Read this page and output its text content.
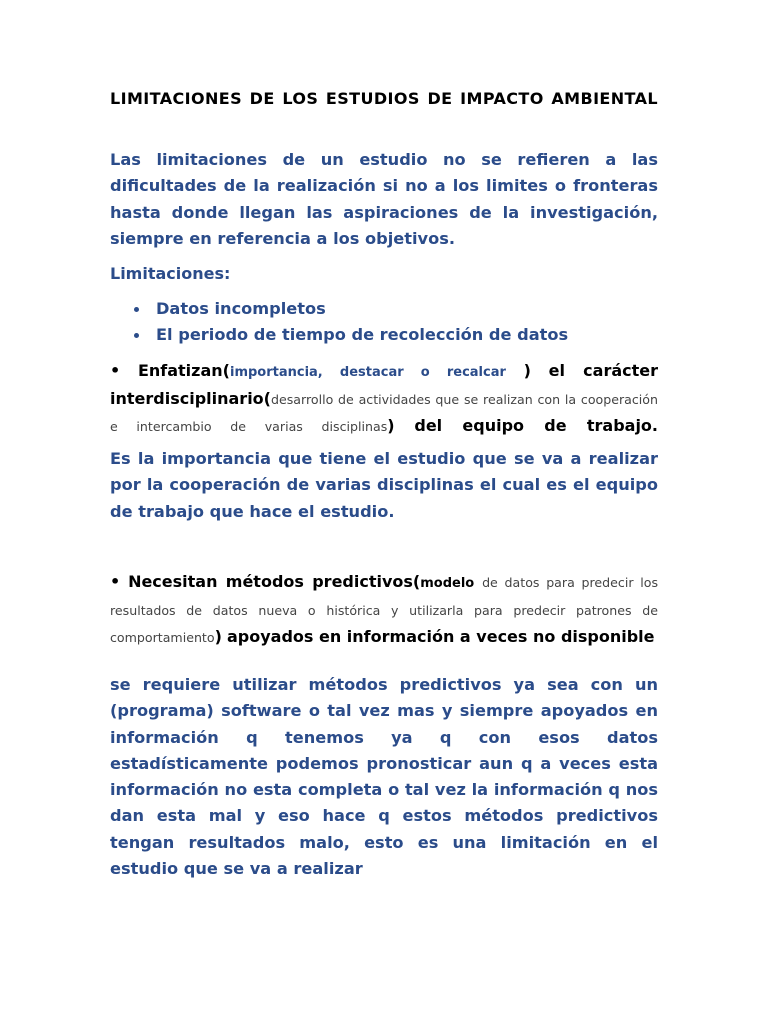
LIMITACIONES DE LOS ESTUDIOS DE IMPACTO AMBIENTAL
Las limitaciones de un estudio no se refieren a las dificultades de la realización si no a los limites o fronteras hasta donde llegan las aspiraciones de la investigación, siempre en referencia a los objetivos.
Limitaciones:
Datos incompletos
El periodo de tiempo de recolección de datos
• Enfatizan(importancia, destacar o recalcar ) el carácter interdisciplinario(desarrollo de actividades que se realizan con la cooperación e intercambio de varias disciplinas) del equipo de trabajo.
Es la importancia que tiene el estudio que se va a realizar por la cooperación de varias disciplinas el cual es el equipo de trabajo que hace el estudio.
• Necesitan métodos predictivos(modelo de datos para predecir los resultados de datos nueva o histórica y utilizarla para predecir patrones de comportamiento) apoyados en información a veces no disponible
se requiere utilizar métodos predictivos ya sea con un (programa) software o tal vez mas y siempre apoyados en información q tenemos ya q con esos datos estadísticamente podemos pronosticar aun q a veces esta información no esta completa o tal vez la información q nos dan esta mal y eso hace q estos métodos predictivos tengan resultados malo, esto es una limitación en el estudio que se va a realizar
